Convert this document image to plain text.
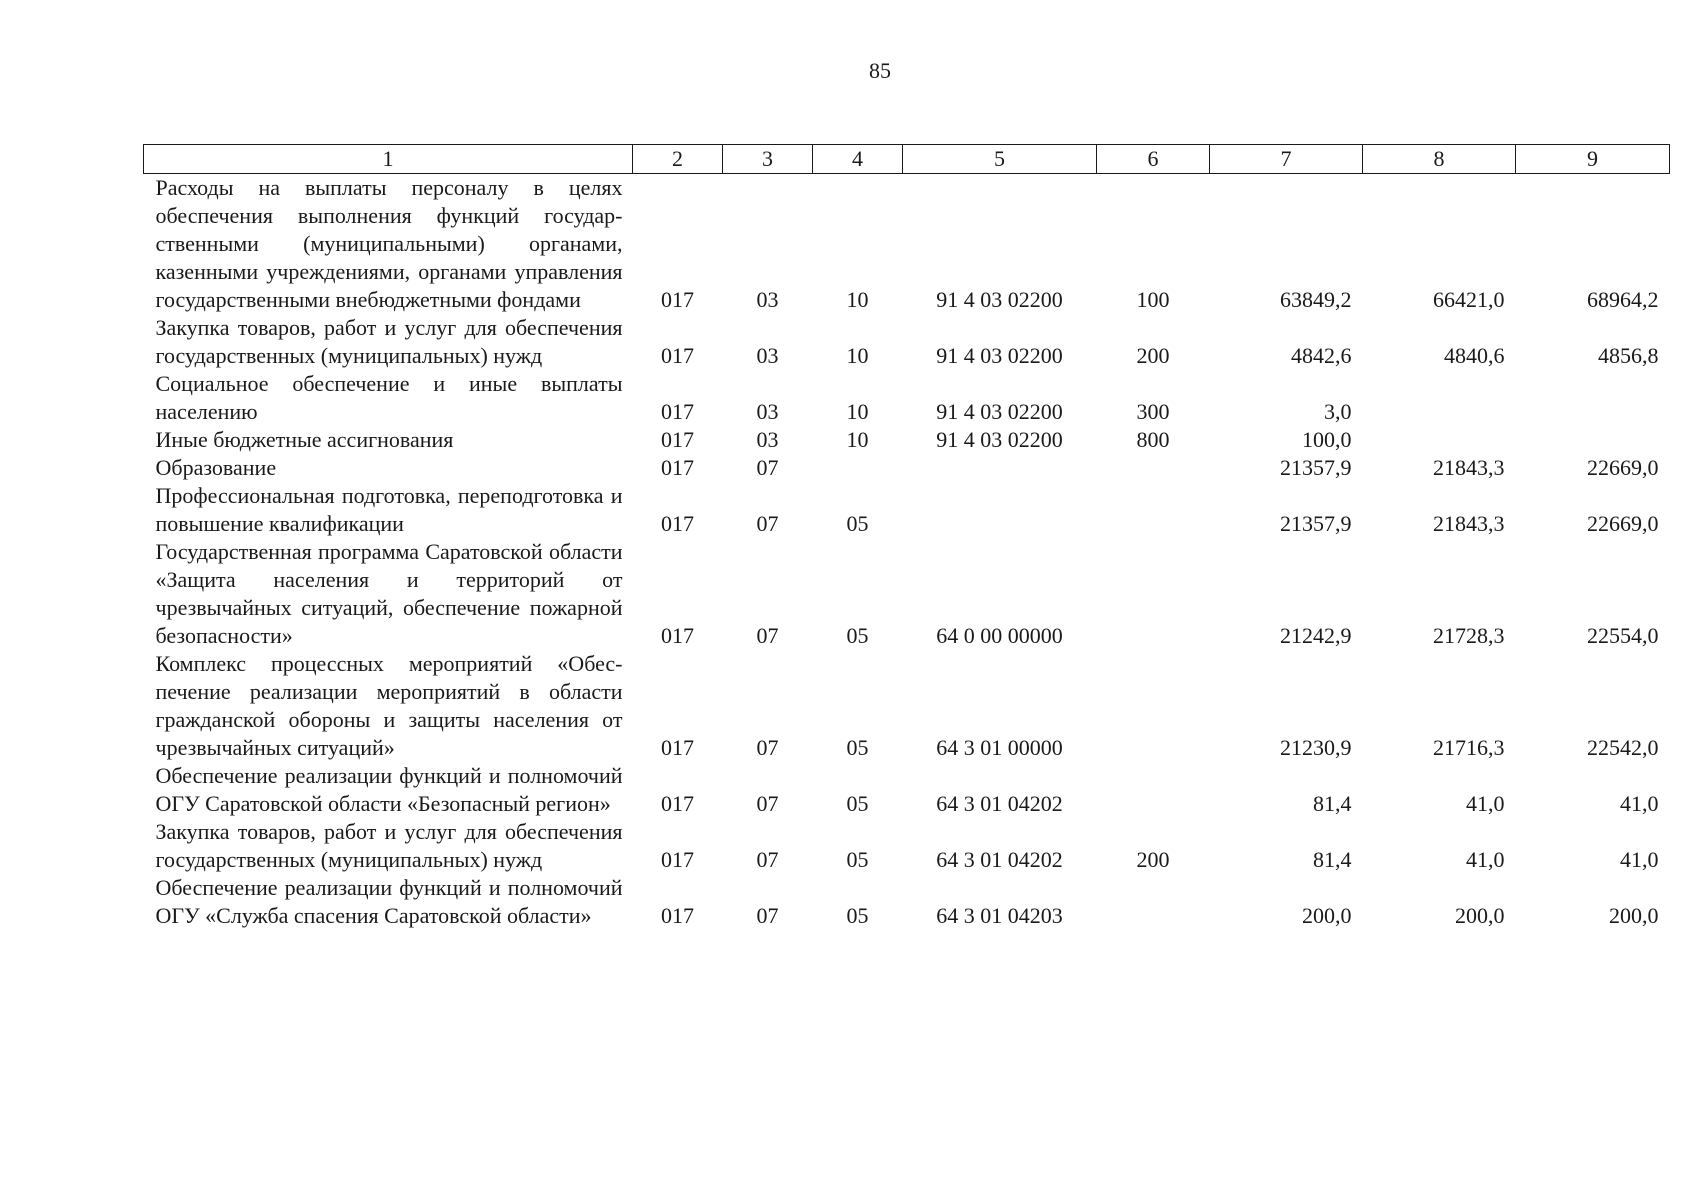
85
1	2	3	4	5	6	7	8	9
Расходы на выплаты персоналу в целях обеспечения выполнения функций государственными (муниципальными) органами, казенными учреждениями, органами управления государственными внебюджетными фондами	017	03	10	91 4 03 02200	100	63849,2	66421,0	68964,2
Закупка товаров, работ и услуг для обеспечения государственных (муниципальных) нужд	017	03	10	91 4 03 02200	200	4842,6	4840,6	4856,8
Социальное обеспечение и иные выплаты населению	017	03	10	91 4 03 02200	300	3,0		
Иные бюджетные ассигнования	017	03	10	91 4 03 02200	800	100,0		
Образование	017	07				21357,9	21843,3	22669,0
Профессиональная подготовка, переподготовка и повышение квалификации	017	07	05			21357,9	21843,3	22669,0
Государственная программа Саратовской области «Защита населения и территорий от чрезвычайных ситуаций, обеспечение пожарной безопасности»	017	07	05	64 0 00 00000		21242,9	21728,3	22554,0
Комплекс процессных мероприятий «Обеспечение реализации мероприятий в области гражданской обороны и защиты населения от чрезвычайных ситуаций»	017	07	05	64 3 01 00000		21230,9	21716,3	22542,0
Обеспечение реализации функций и полномочий ОГУ Саратовской области «Безопасный регион»	017	07	05	64 3 01 04202		81,4	41,0	41,0
Закупка товаров, работ и услуг для обеспечения государственных (муниципальных) нужд	017	07	05	64 3 01 04202	200	81,4	41,0	41,0
Обеспечение реализации функций и полномочий ОГУ «Служба спасения Саратовской области»	017	07	05	64 3 01 04203		200,0	200,0	200,0
